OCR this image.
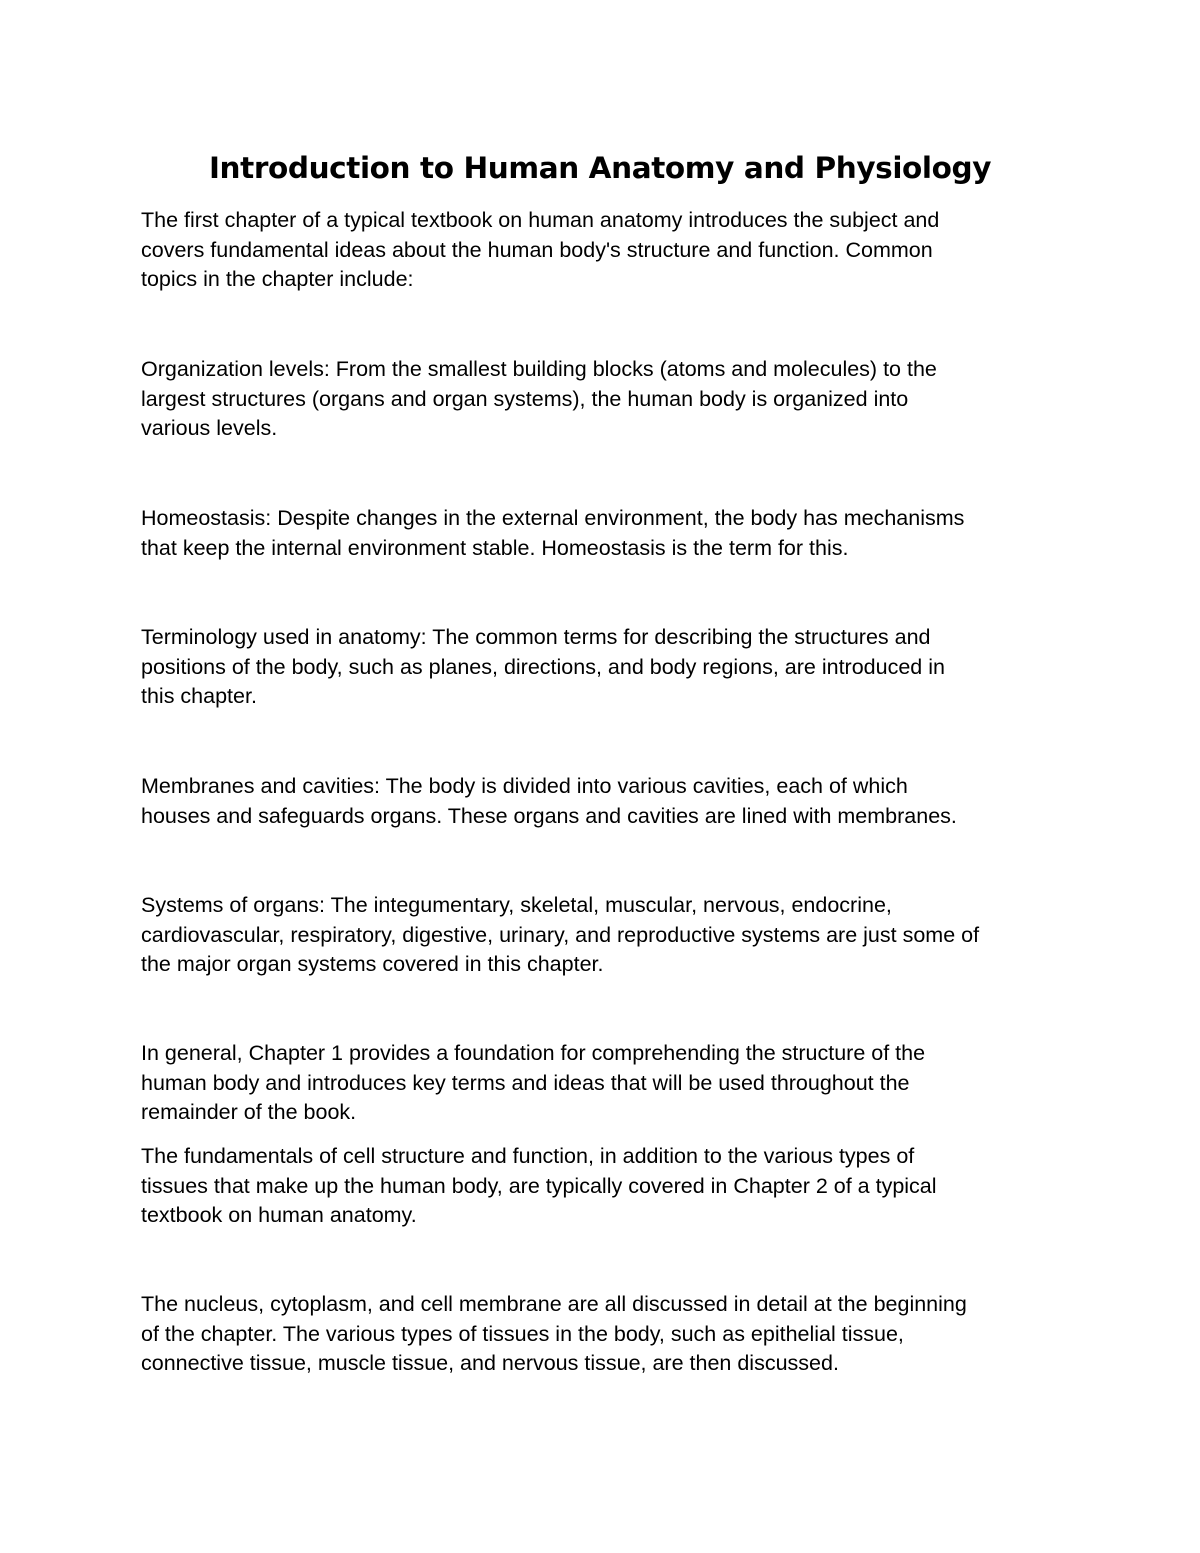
Introduction to Human Anatomy and Physiology

The first chapter of a typical textbook on human anatomy introduces the subject and
covers fundamental ideas about the human body's structure and function. Common
topics in the chapter include:

Organization levels: From the smallest building blocks (atoms and molecules) to the
largest structures (organs and organ systems), the human body is organized into
various levels.

Homeostasis: Despite changes in the external environment, the body has mechanisms
that keep the internal environment stable. Homeostasis is the term for this.

Terminology used in anatomy: The common terms for describing the structures and
positions of the body, such as planes, directions, and body regions, are introduced in
this chapter.

Membranes and cavities: The body is divided into various cavities, each of which
houses and safeguards organs. These organs and cavities are lined with membranes.

Systems of organs: The integumentary, skeletal, muscular, nervous, endocrine,
cardiovascular, respiratory, digestive, urinary, and reproductive systems are just some of
the major organ systems covered in this chapter.

In general, Chapter 1 provides a foundation for comprehending the structure of the
human body and introduces key terms and ideas that will be used throughout the
remainder of the book.

The fundamentals of cell structure and function, in addition to the various types of
tissues that make up the human body, are typically covered in Chapter 2 of a typical
textbook on human anatomy.

The nucleus, cytoplasm, and cell membrane are all discussed in detail at the beginning
of the chapter. The various types of tissues in the body, such as epithelial tissue,
connective tissue, muscle tissue, and nervous tissue, are then discussed.
